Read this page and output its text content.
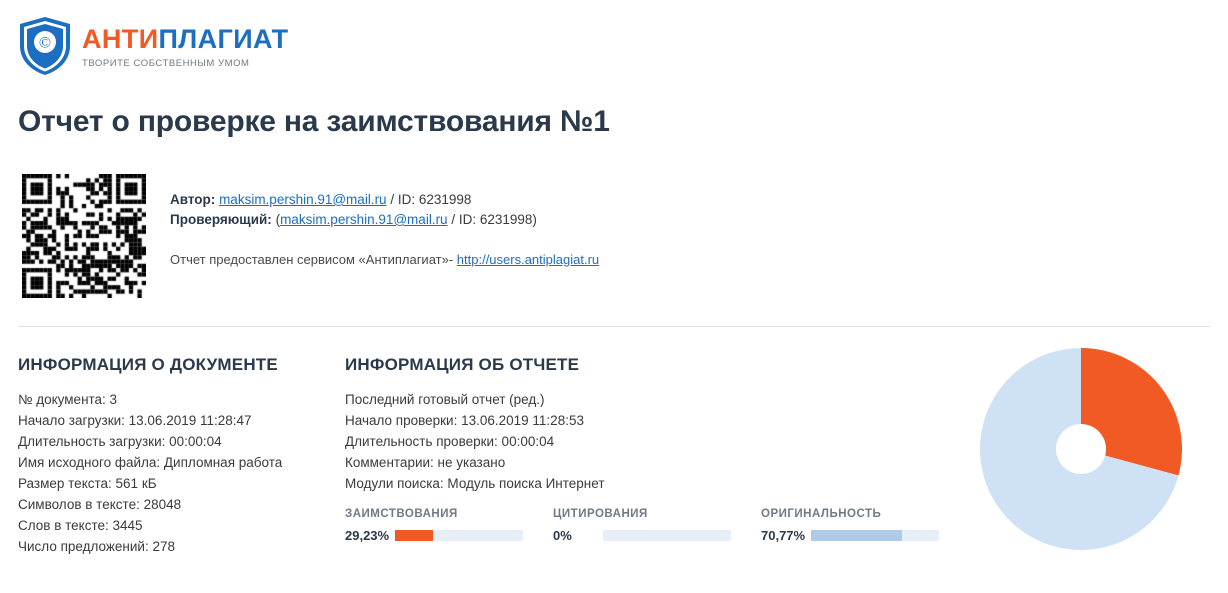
© АНТИПЛАГИАТ
ТВОРИТЕ СОБСТВЕННЫМ УМОМ
Отчет о проверке на заимствования №1
Автор: maksim.pershin.91@mail.ru / ID: 6231998
Проверяющий: (maksim.pershin.91@mail.ru / ID: 6231998)
Отчет предоставлен сервисом «Антиплагиат»- http://users.antiplagiat.ru
ИНФОРМАЦИЯ О ДОКУМЕНТЕ
№ документа: 3
Начало загрузки: 13.06.2019 11:28:47
Длительность загрузки: 00:00:04
Имя исходного файла: Дипломная работа
Размер текста: 561 кБ
Символов в тексте: 28048
Слов в тексте: 3445
Число предложений: 278
ИНФОРМАЦИЯ ОБ ОТЧЕТЕ
Последний готовый отчет (ред.)
Начало проверки: 13.06.2019 11:28:53
Длительность проверки: 00:00:04
Комментарии: не указано
Модули поиска: Модуль поиска Интернет
ЗАИМСТВОВАНИЯ
29,23%
ЦИТИРОВАНИЯ
0%
ОРИГИНАЛЬНОСТЬ
70,77%
